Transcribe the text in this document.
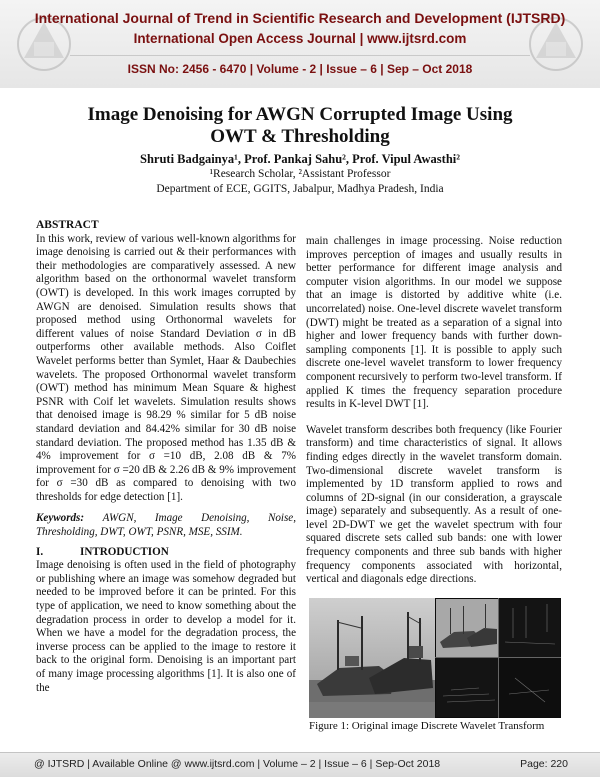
International Journal of Trend in Scientific Research and Development (IJTSRD)
International Open Access Journal | www.ijtsrd.com
ISSN No: 2456 - 6470 | Volume - 2 | Issue – 6 | Sep – Oct 2018
Image Denoising for AWGN Corrupted Image Using
OWT & Thresholding
Shruti Badgainya¹, Prof. Pankaj Sahu², Prof. Vipul Awasthi²
¹Research Scholar, ²Assistant Professor
Department of ECE, GGITS, Jabalpur, Madhya Pradesh, India
ABSTRACT

In this work, review of various well-known algorithms for image denoising is carried out & their performances with their methodologies are comparatively assessed. A new algorithm based on the orthonormal wavelet transform (OWT) is developed. In this work images corrupted by AWGN are denoised. Simulation results shows that proposed method using Orthonormal wavelets for different values of noise Standard Deviation σ in dB outperforms other available methods. Also Coiflet Wavelet performs better than Symlet, Haar & Daubechies wavelets. The proposed Orthonormal wavelet transform (OWT) method has minimum Mean Square & highest PSNR with Coif let wavelets. Simulation results shows that denoised image is 98.29 % similar for 5 dB noise standard deviation and 84.42% similar for 30 dB noise standard deviation. The proposed method has 1.35 dB & 4% improvement for σ =10 dB, 2.08 dB & 7% improvement for σ =20 dB & 2.26 dB & 9% improvement for σ =30 dB as compared to denoising with two thresholds for edge detection [1].

Keywords: AWGN, Image Denoising, Noise, Thresholding, DWT, OWT, PSNR, MSE, SSIM.
I.	INTRODUCTION

Image denoising is often used in the field of photography or publishing where an image was somehow degraded but needed to be improved before it can be printed. For this type of application, we need to know something about the degradation process in order to develop a model for it. When we have a model for the degradation process, the inverse process can be applied to the image to restore it back to the original form. Denoising is an important part of many image processing algorithms [1]. It is also one of the

main challenges in image processing. Noise reduction improves perception of images and usually results in better performance for different image analysis and computer vision algorithms. In our model we suppose that an image is distorted by additive white (i.e. uncorrelated) noise. One-level discrete wavelet transform (DWT) might be treated as a separation of a signal into higher and lower frequency bands with further down-sampling components [1]. It is possible to apply such discrete one-level wavelet transform to lower frequency component recursively to perform two-level transform. If applied K times the frequency separation procedure results in K-level DWT [1].

Wavelet transform describes both frequency (like Fourier transform) and time characteristics of signal. It allows finding edges directly in the wavelet transform domain. Two-dimensional discrete wavelet transform is implemented by 1D transform applied to rows and columns of 2D-signal (in our consideration, a grayscale image) separately and subsequently. As a result of one-level 2D-DWT we get the wavelet spectrum with four squared discrete sets called sub bands: one with lower frequency components and three sub bands with higher frequency components associated with horizontal, vertical and diagonals edge directions.

Figure 1: Original image Discrete Wavelet Transform
@ IJTSRD | Available Online @ www.ijtsrd.com | Volume – 2 | Issue – 6 | Sep-Oct 2018	Page: 220
